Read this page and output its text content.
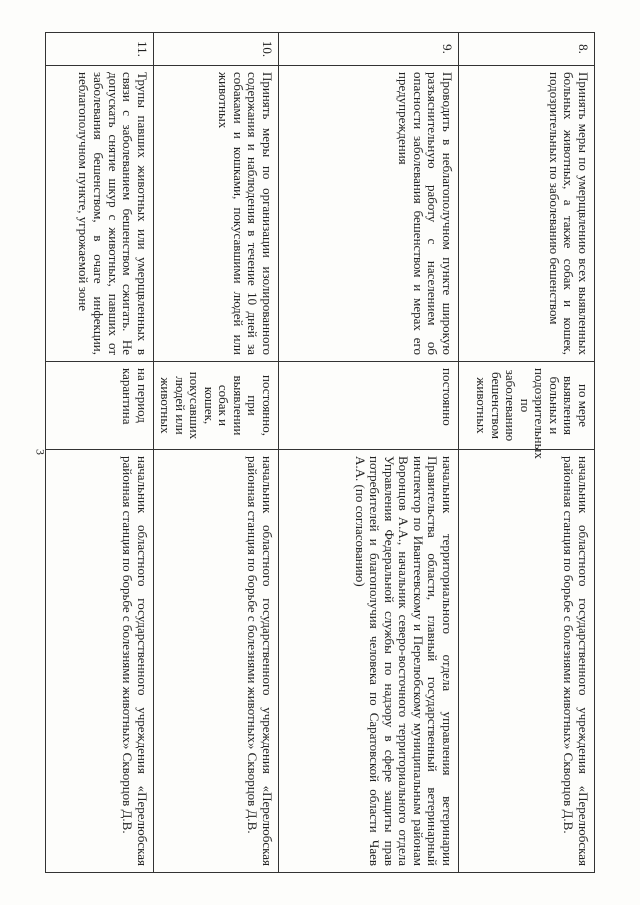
3
8.	Принять меры по умерщвлению всех выявленных больных животных, а также собак и кошек, подозрительных по заболеванию бешенством	по мере выявления больных и подозрительных по заболеванию бешенством животных	начальник областного государственного учреждения «Перелюбская районная станция по борьбе с болезнями животных» Скворцов Д.В.
9.	Проводить в неблагополучном пункте широкую разъяснительную работу с населением об опасности заболевания бешенством и мерах его предупреждения	постоянно	начальник территориального отдела управления ветеринарии Правительства области, главный государственный ветеринарный инспектор по Ивантеевскому и Перелюбскому муниципальным районам Воронцов А.А., начальник северо-восточного территориального отдела Управления Федеральной службы по надзору в сфере защиты прав потребителей и благополучия человека по Саратовской области Чаев А.А. (по согласованию)
10.	Принять меры по организации изолированного содержания и наблюдения в течение 10 дней за собаками и кошками, покусавшими людей или животных	постоянно, при выявлении собак и кошек, покусавших людей или животных	начальник областного государственного учреждения «Перелюбская районная станция по борьбе с болезнями животных» Скворцов Д.В.
11.	Трупы павших животных или умерщвленных в связи с заболеванием бешенством сжигать. Не допускать снятие шкур с животных, павших от заболевания бешенством, в очаге инфекции, неблагополучном пункте, угрожаемой зоне	на период карантина	начальник областного государственного учреждения «Перелюбская районная станция по борьбе с болезнями животных» Скворцов Д.В.
